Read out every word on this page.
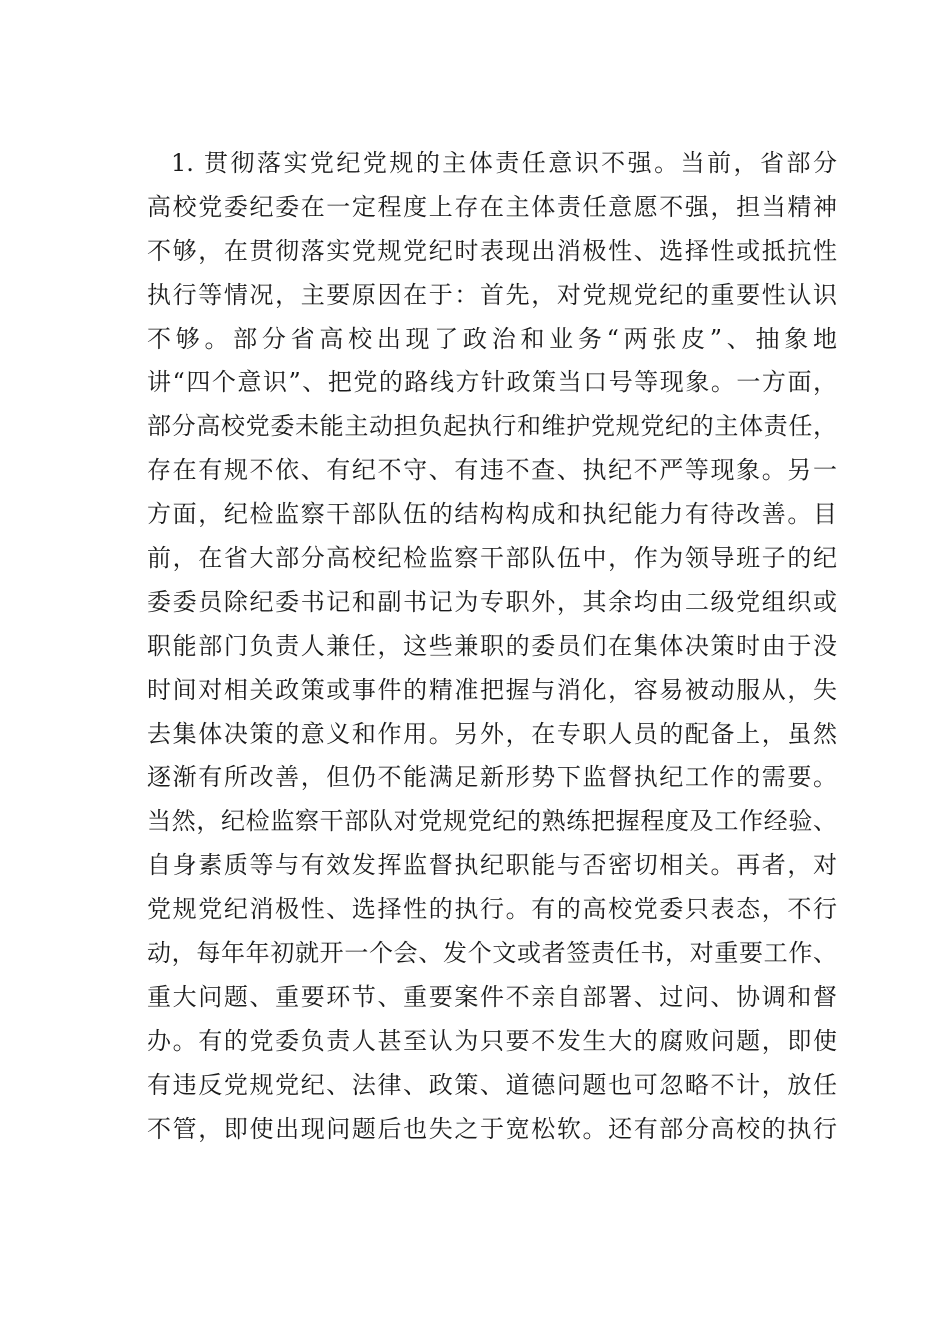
1. 贯彻落实党纪党规的主体责任意识不强。当前，省部分
高校党委纪委在一定程度上存在主体责任意愿不强，担当精神
不够，在贯彻落实党规党纪时表现出消极性、选择性或抵抗性
执行等情况，主要原因在于：首先，对党规党纪的重要性认识
不够。部分省高校出现了政治和业务“两张皮”、抽象地
讲“四个意识”、把党的路线方针政策当口号等现象。一方面，
部分高校党委未能主动担负起执行和维护党规党纪的主体责任，
存在有规不依、有纪不守、有违不查、执纪不严等现象。另一
方面，纪检监察干部队伍的结构构成和执纪能力有待改善。目
前，在省大部分高校纪检监察干部队伍中，作为领导班子的纪
委委员除纪委书记和副书记为专职外，其余均由二级党组织或
职能部门负责人兼任，这些兼职的委员们在集体决策时由于没
时间对相关政策或事件的精准把握与消化，容易被动服从，失
去集体决策的意义和作用。另外，在专职人员的配备上，虽然
逐渐有所改善，但仍不能满足新形势下监督执纪工作的需要。
当然，纪检监察干部队对党规党纪的熟练把握程度及工作经验、
自身素质等与有效发挥监督执纪职能与否密切相关。再者，对
党规党纪消极性、选择性的执行。有的高校党委只表态，不行
动，每年年初就开一个会、发个文或者签责任书，对重要工作、
重大问题、重要环节、重要案件不亲自部署、过问、协调和督
办。有的党委负责人甚至认为只要不发生大的腐败问题，即使
有违反党规党纪、法律、政策、道德问题也可忽略不计，放任
不管，即使出现问题后也失之于宽松软。还有部分高校的执行
